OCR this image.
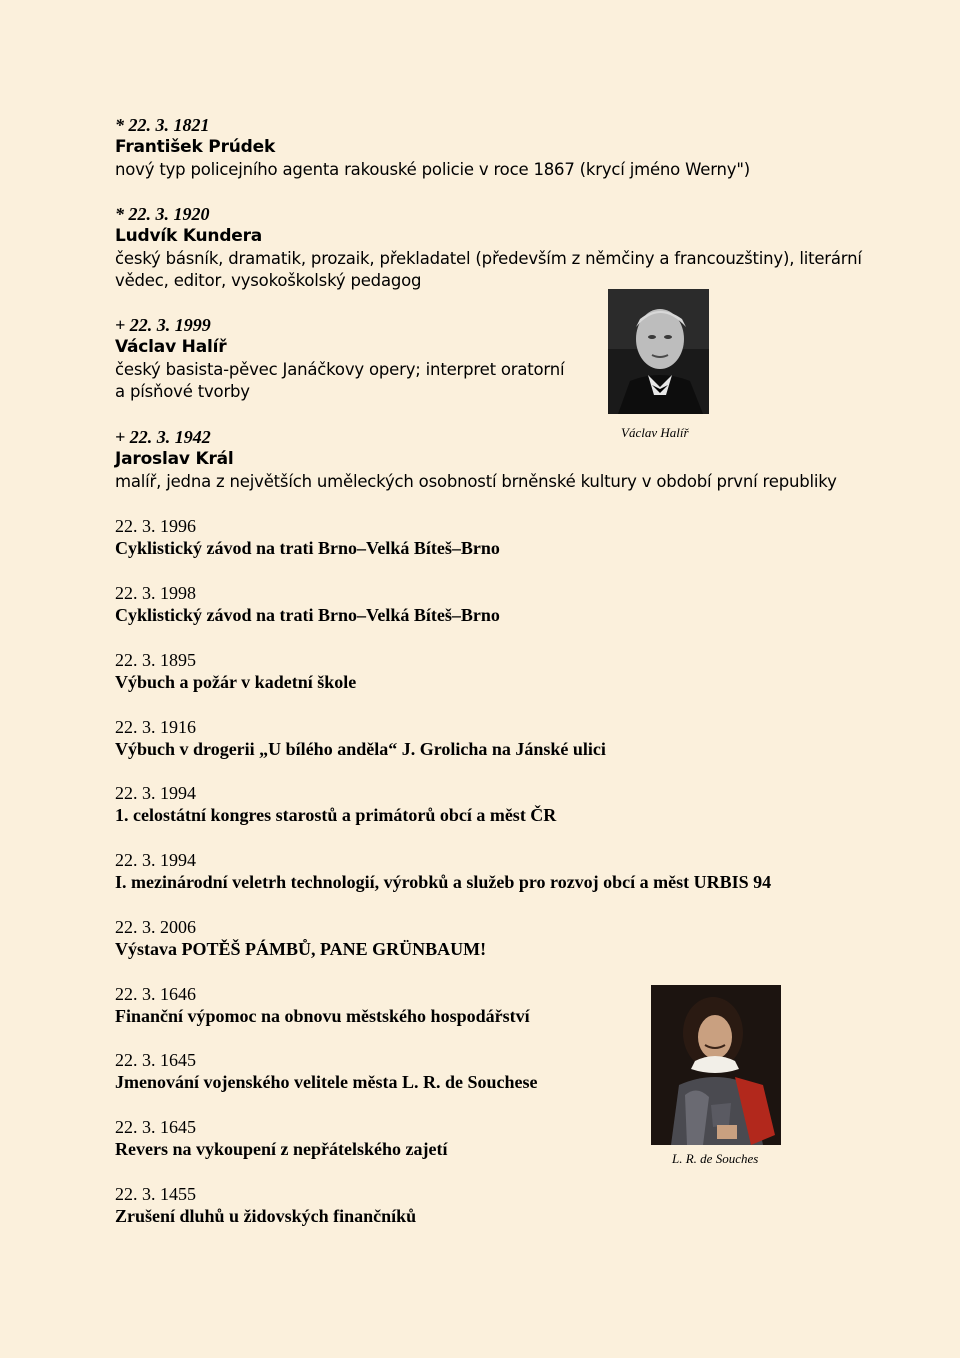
* 22. 3. 1821
František Prúdek
nový typ policejního agenta rakouské policie v roce 1867 (krycí jméno Werny")
* 22. 3. 1920
Ludvík Kundera
český básník, dramatik, prozaik, překladatel (především z němčiny a francouzštiny), literární
vědec, editor, vysokoškolský pedagog
+ 22. 3. 1999
Václav Halíř
český basista-pěvec Janáčkovy opery; interpret oratorní
a písňové tvorby
+ 22. 3. 1942
Jaroslav Král
malíř, jedna z největších uměleckých osobností brněnské kultury v období první republiky
22. 3. 1996
Cyklistický závod na trati Brno–Velká Bíteš–Brno
22. 3. 1998
Cyklistický závod na trati Brno–Velká Bíteš–Brno
22. 3. 1895
Výbuch a požár v kadetní škole
22. 3. 1916
Výbuch v drogerii „U bílého anděla“ J. Grolicha na Jánské ulici
22. 3. 1994
1. celostátní kongres starostů a primátorů obcí a měst ČR
22. 3. 1994
I. mezinárodní veletrh technologií, výrobků a služeb pro rozvoj obcí a měst URBIS 94
22. 3. 2006
Výstava POTĚŠ PÁMBŮ, PANE GRÜNBAUM!
22. 3. 1646
Finanční výpomoc na obnovu městského hospodářství
22. 3. 1645
Jmenování vojenského velitele města L. R. de Souchese
22. 3. 1645
Revers na vykoupení z nepřátelského zajetí
22. 3. 1455
Zrušení dluhů u židovských finančníků
Václav Halíř
L. R. de Souches
